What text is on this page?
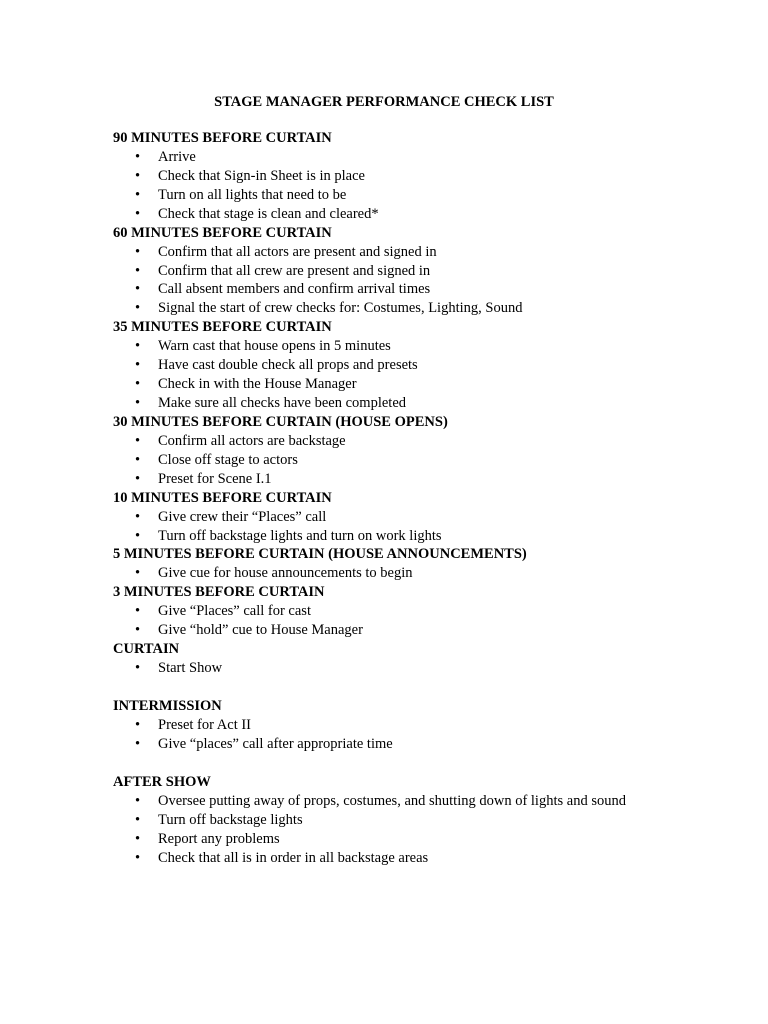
STAGE MANAGER PERFORMANCE CHECK LIST
90 MINUTES BEFORE CURTAIN
• Arrive
• Check that Sign-in Sheet is in place
• Turn on all lights that need to be
• Check that stage is clean and cleared*
60 MINUTES BEFORE CURTAIN
• Confirm that all actors are present and signed in
• Confirm that all crew are present and signed in
• Call absent members and confirm arrival times
• Signal the start of crew checks for: Costumes, Lighting, Sound
35 MINUTES BEFORE CURTAIN
• Warn cast that house opens in 5 minutes
• Have cast double check all props and presets
• Check in with the House Manager
• Make sure all checks have been completed
30 MINUTES BEFORE CURTAIN (HOUSE OPENS)
• Confirm all actors are backstage
• Close off stage to actors
• Preset for Scene I.1
10 MINUTES BEFORE CURTAIN
• Give crew their “Places” call
• Turn off backstage lights and turn on work lights
5 MINUTES BEFORE CURTAIN (HOUSE ANNOUNCEMENTS)
• Give cue for house announcements to begin
3 MINUTES BEFORE CURTAIN
• Give “Places” call for cast
• Give “hold” cue to House Manager
CURTAIN
• Start Show
INTERMISSION
• Preset for Act II
• Give “places” call after appropriate time
AFTER SHOW
• Oversee putting away of props, costumes, and shutting down of lights and sound
• Turn off backstage lights
• Report any problems
• Check that all is in order in all backstage areas
